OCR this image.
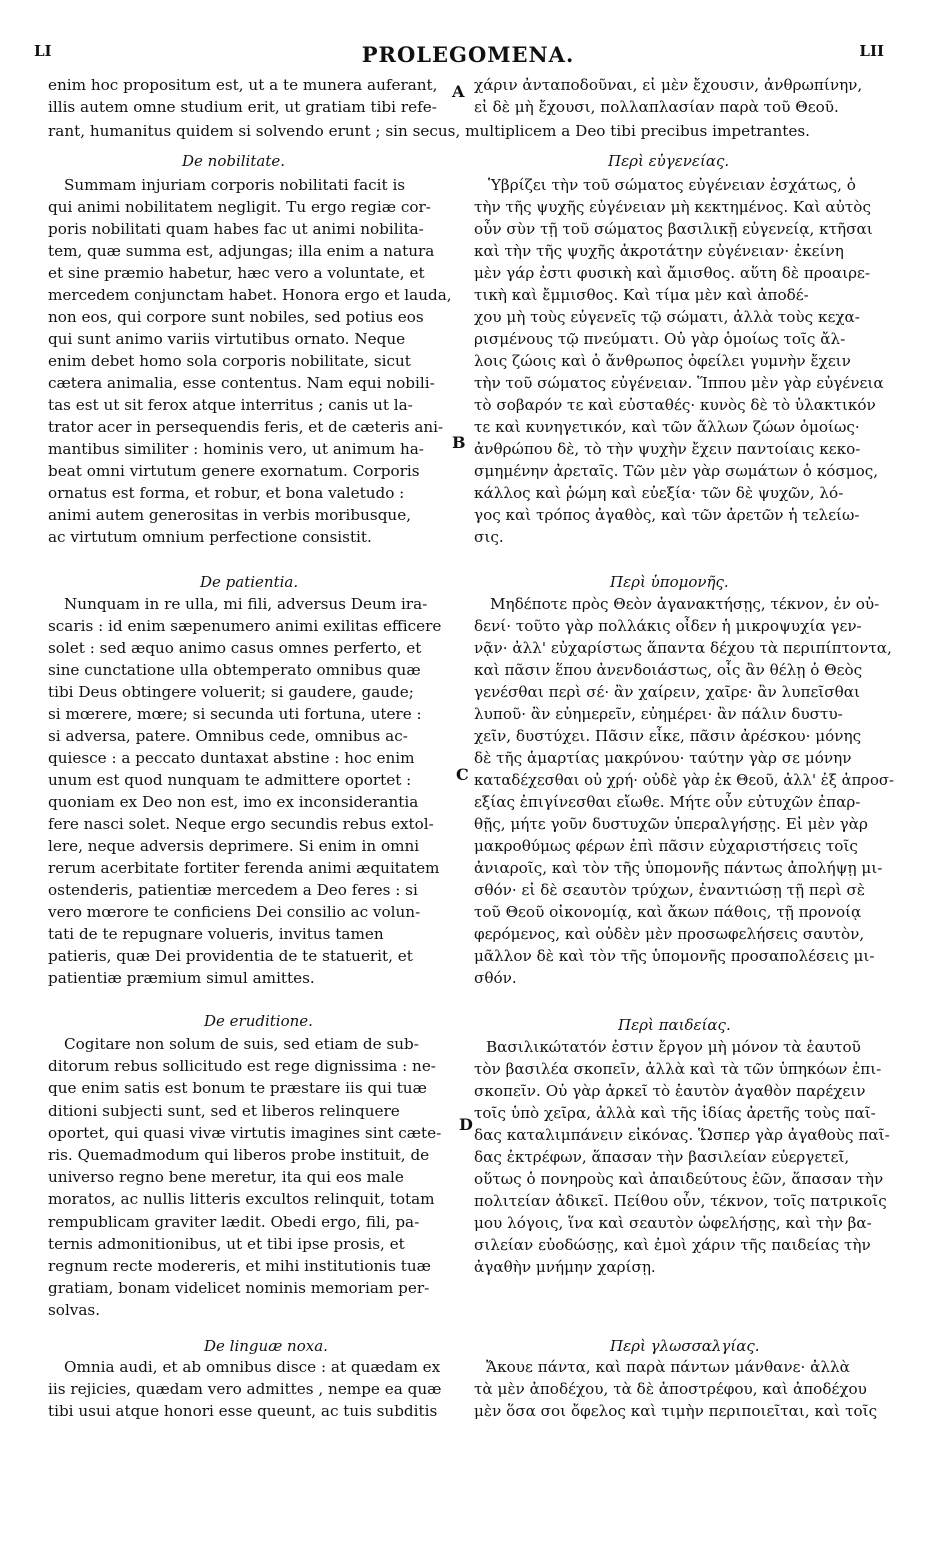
LI	PROLEGOMENA.	LII
A
B
C
D
enim hoc propositum est, ut a te munera auferant,
illis autem omne studium erit, ut gratiam tibi refe-
χάριν ἀνταποδοῦναι, εἰ μὲν ἔχουσιν, ἀνθρωπίνην,
εἰ δὲ μὴ ἔχουσι, πολλαπλασίαν παρὰ τοῦ Θεοῦ.
rant, humanitus quidem si solvendo erunt ; sin secus, multiplicem a Deo tibi precibus impetrantes.
De nobilitate.	Περὶ εὐγενείας.
Summam injuriam corporis nobilitati facit is
qui animi nobilitatem negligit. Tu ergo regiæ cor-
poris nobilitati quam habes fac ut animi nobilita-
tem, quæ summa est, adjungas; illa enim a natura
et sine præmio habetur, hæc vero a voluntate, et
mercedem conjunctam habet. Honora ergo et lauda,
non eos, qui corpore sunt nobiles, sed potius eos
qui sunt animo variis virtutibus ornato. Neque
enim debet homo sola corporis nobilitate, sicut
cætera animalia, esse contentus. Nam equi nobili-
tas est ut sit ferox atque interritus ; canis ut la-
trator acer in persequendis feris, et de cæteris ani-
mantibus similiter : hominis vero, ut animum ha-
beat omni virtutum genere exornatum. Corporis
ornatus est forma, et robur, et bona valetudo :
animi autem generositas in verbis moribusque,
ac virtutum omnium perfectione consistit.
Ὑβρίζει τὴν τοῦ σώματος εὐγένειαν ἐσχάτως, ὁ
τὴν τῆς ψυχῆς εὐγένειαν μὴ κεκτημένος. Καὶ αὐτὸς
οὖν σὺν τῇ τοῦ σώματος βασιλικῇ εὐγενείᾳ, κτῆσαι
καὶ τὴν τῆς ψυχῆς ἀκροτάτην εὐγένειαν· ἐκείνη
μὲν γάρ ἐστι φυσικὴ καὶ ἄμισθος. αὕτη δὲ προαιρε-
τικὴ καὶ ἔμμισθος. Καὶ τίμα μὲν καὶ ἀποδέ-
χου μὴ τοὺς εὐγενεῖς τῷ σώματι, ἀλλὰ τοὺς κεχα-
ρισμένους τῷ πνεύματι. Οὐ γὰρ ὁμοίως τοῖς ἄλ-
λοις ζώοις καὶ ὁ ἄνθρωπος ὀφείλει γυμνὴν ἔχειν
τὴν τοῦ σώματος εὐγένειαν. Ἵππου μὲν γὰρ εὐγένεια
τὸ σοβαρόν τε καὶ εὐσταθές· κυνὸς δὲ τὸ ὑλακτικόν
τε καὶ κυνηγετικόν, καὶ τῶν ἄλλων ζώων ὁμοίως·
ἀνθρώπου δὲ, τὸ τὴν ψυχὴν ἔχειν παντοίαις κεκο-
σμημένην ἀρεταῖς. Τῶν μὲν γὰρ σωμάτων ὁ κόσμος,
κάλλος καὶ ῥώμη καὶ εὐεξία· τῶν δὲ ψυχῶν, λό-
γος καὶ τρόπος ἀγαθὸς, καὶ τῶν ἀρετῶν ἡ τελείω-
σις.
De patientia.	Περὶ ὑπομονῆς.
Nunquam in re ulla, mi fili, adversus Deum ira-
scaris : id enim sæpenumero animi exilitas efficere
solet : sed æquo animo casus omnes perferto, et
sine cunctatione ulla obtemperato omnibus quæ
tibi Deus obtingere voluerit; si gaudere, gaude;
si mœrere, mœre; si secunda uti fortuna, utere :
si adversa, patere. Omnibus cede, omnibus ac-
quiesce : a peccato duntaxat abstine : hoc enim
unum est quod nunquam te admittere oportet :
quoniam ex Deo non est, imo ex inconsiderantia
fere nasci solet. Neque ergo secundis rebus extol-
lere, neque adversis deprimere. Si enim in omni
rerum acerbitate fortiter ferenda animi æquitatem
ostenderis, patientiæ mercedem a Deo feres : si
vero mœrore te conficiens Dei consilio ac volun-
tati de te repugnare volueris, invitus tamen
patieris, quæ Dei providentia de te statuerit, et
patientiæ præmium simul amittes.
Μηδέποτε πρὸς Θεὸν ἀγανακτήσῃς, τέκνον, ἐν οὐ-
δενί· τοῦτο γὰρ πολλάκις οἶδεν ἡ μικροψυχία γεν-
νᾷν· ἀλλ' εὐχαρίστως ἅπαντα δέχου τὰ περιπίπτοντα,
καὶ πᾶσιν ἕπου ἀνενδοιάστως, οἷς ἂν θέλῃ ὁ Θεὸς
γενέσθαι περὶ σέ· ἂν χαίρειν, χαῖρε· ἂν λυπεῖσθαι
λυποῦ· ἂν εὐημερεῖν, εὐημέρει· ἂν πάλιν δυστυ-
χεῖν, δυστύχει. Πᾶσιν εἶκε, πᾶσιν ἀρέσκου· μόνης
δὲ τῆς ἁμαρτίας μακρύνου· ταύτην γὰρ σε μόνην
καταδέχεσθαι οὐ χρή· οὐδὲ γὰρ ἐκ Θεοῦ, ἀλλ' ἐξ ἀπροσ-
εξίας ἐπιγίνεσθαι εἴωθε. Μήτε οὖν εὐτυχῶν ἐπαρ-
θῇς, μήτε γοῦν δυστυχῶν ὑπεραλγήσῃς. Εἰ μὲν γὰρ
μακροθύμως φέρων ἐπὶ πᾶσιν εὐχαριστήσεις τοῖς
ἀνιαροῖς, καὶ τὸν τῆς ὑπομονῆς πάντως ἀπολήψῃ μι-
σθόν· εἰ δὲ σεαυτὸν τρύχων, ἐναντιώσῃ τῇ περὶ σὲ
τοῦ Θεοῦ οἰκονομίᾳ, καὶ ἄκων πάθοις, τῇ προνοίᾳ
φερόμενος, καὶ οὐδὲν μὲν προσωφελήσεις σαυτὸν,
μᾶλλον δὲ καὶ τὸν τῆς ὑπομονῆς προσαπολέσεις μι-
σθόν.
De eruditione.	Περὶ παιδείας.
Cogitare non solum de suis, sed etiam de sub-
ditorum rebus sollicitudo est rege dignissima : ne-
que enim satis est bonum te præstare iis qui tuæ
ditioni subjecti sunt, sed et liberos relinquere
oportet, qui quasi vivæ virtutis imagines sint cæte-
ris. Quemadmodum qui liberos probe instituit, de
universo regno bene meretur, ita qui eos male
moratos, ac nullis litteris excultos relinquit, totam
rempublicam graviter lædit. Obedi ergo, fili, pa-
ternis admonitionibus, ut et tibi ipse prosis, et
regnum recte modereris, et mihi institutionis tuæ
gratiam, bonam videlicet nominis memoriam per-
solvas.
Βασιλικώτατόν ἐστιν ἔργον μὴ μόνον τὰ ἑαυτοῦ
τὸν βασιλέα σκοπεῖν, ἀλλὰ καὶ τὰ τῶν ὑπηκόων ἐπι-
σκοπεῖν. Οὐ γὰρ ἀρκεῖ τὸ ἑαυτὸν ἀγαθὸν παρέχειν
τοῖς ὑπὸ χεῖρα, ἀλλὰ καὶ τῆς ἰδίας ἀρετῆς τοὺς παῖ-
δας καταλιμπάνειν εἰκόνας. Ὥσπερ γὰρ ἀγαθοὺς παῖ-
δας ἐκτρέφων, ἅπασαν τὴν βασιλείαν εὐεργετεῖ,
οὕτως ὁ πονηροὺς καὶ ἀπαιδεύτους ἐῶν, ἅπασαν τὴν
πολιτείαν ἀδικεῖ. Πείθου οὖν, τέκνον, τοῖς πατρικοῖς
μου λόγοις, ἵνα καὶ σεαυτὸν ὠφελήσῃς, καὶ τὴν βα-
σιλείαν εὐοδώσῃς, καὶ ἐμοὶ χάριν τῆς παιδείας τὴν
ἀγαθὴν μνήμην χαρίσῃ.
De linguæ noxa.	Περὶ γλωσσαλγίας.
Omnia audi, et ab omnibus disce : at quædam ex
iis rejicies, quædam vero admittes , nempe ea quæ
tibi usui atque honori esse queunt, ac tuis subditis
Ἄκουε πάντα, καὶ παρὰ πάντων μάνθανε· ἀλλὰ
τὰ μὲν ἀποδέχου, τὰ δὲ ἀποστρέφου, καὶ ἀποδέχου
μὲν ὅσα σοι ὄφελος καὶ τιμὴν περιποιεῖται, καὶ τοῖς
